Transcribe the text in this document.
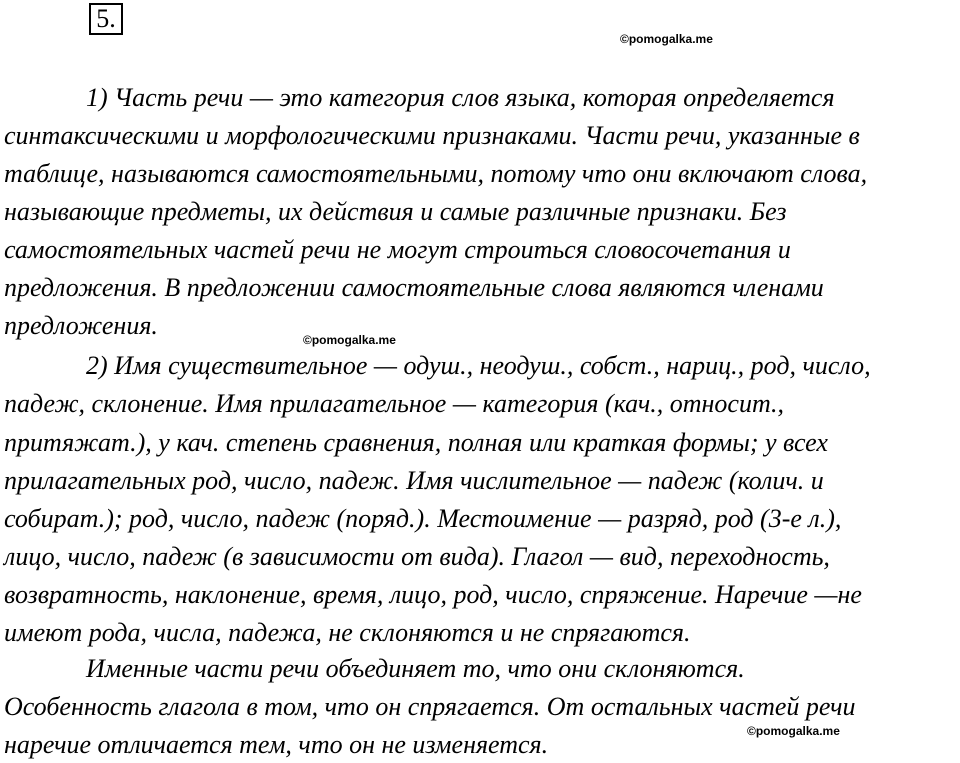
5.
©pomogalka.me
©pomogalka.me
©pomogalka.me
1) Часть речи — это категория слов языка, которая определяется
синтаксическими и морфологическими признаками. Части речи, указанные в
таблице, называются самостоятельными, потому что они включают слова,
называющие предметы, их действия и самые различные признаки. Без
самостоятельных частей речи не могут строиться словосочетания и
предложения. В предложении самостоятельные слова являются членами
предложения.
2) Имя существительное — одуш., неодуш., собст., нариц., род, число,
падеж, склонение. Имя прилагательное — категория (кач., относит.,
притяжат.), у кач. степень сравнения, полная или краткая формы; у всех
прилагательных род, число, падеж. Имя числительное — падеж (колич. и
собират.); род, число, падеж (поряд.). Местоимение — разряд, род (3-е л.),
лицо, число, падеж (в зависимости от вида). Глагол — вид, переходность,
возвратность, наклонение, время, лицо, род, число, спряжение. Наречие —не
имеют рода, числа, падежа, не склоняются и не спрягаются.
Именные части речи объединяет то, что они склоняются.
Особенность глагола в том, что он спрягается. От остальных частей речи
наречие отличается тем, что он не изменяется.
